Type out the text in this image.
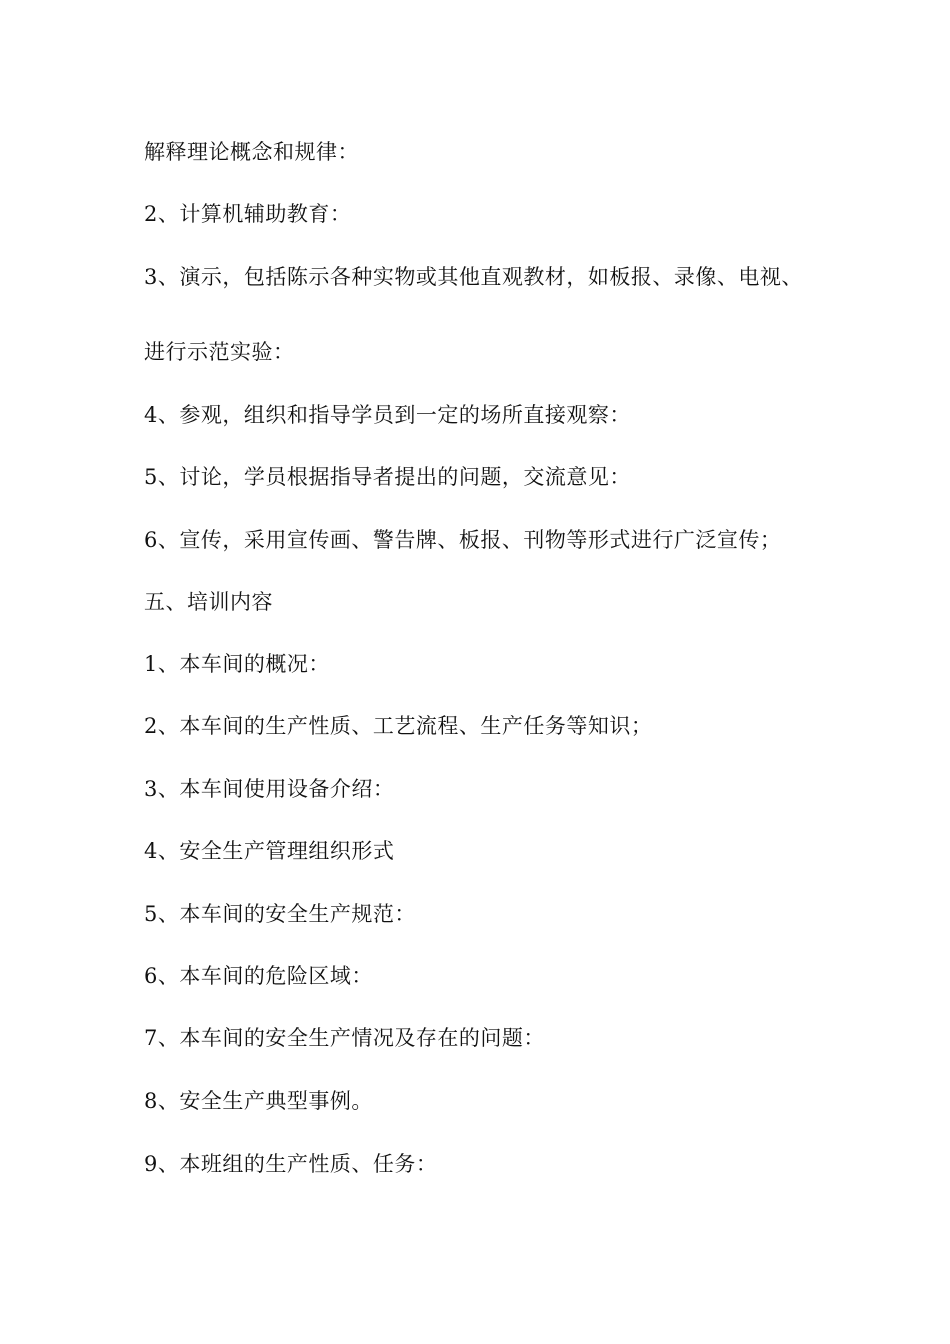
解释理论概念和规律：
2、计算机辅助教育：
3、演示，包括陈示各种实物或其他直观教材，如板报、录像、电视、
进行示范实验：
4、参观，组织和指导学员到一定的场所直接观察：
5、讨论，学员根据指导者提出的问题，交流意见：
6、宣传，采用宣传画、警告牌、板报、刊物等形式进行广泛宣传；
五、培训内容
1、本车间的概况：
2、本车间的生产性质、工艺流程、生产任务等知识；
3、本车间使用设备介绍：
4、安全生产管理组织形式
5、本车间的安全生产规范：
6、本车间的危险区域：
7、本车间的安全生产情况及存在的问题：
8、安全生产典型事例。
9、本班组的生产性质、任务：
